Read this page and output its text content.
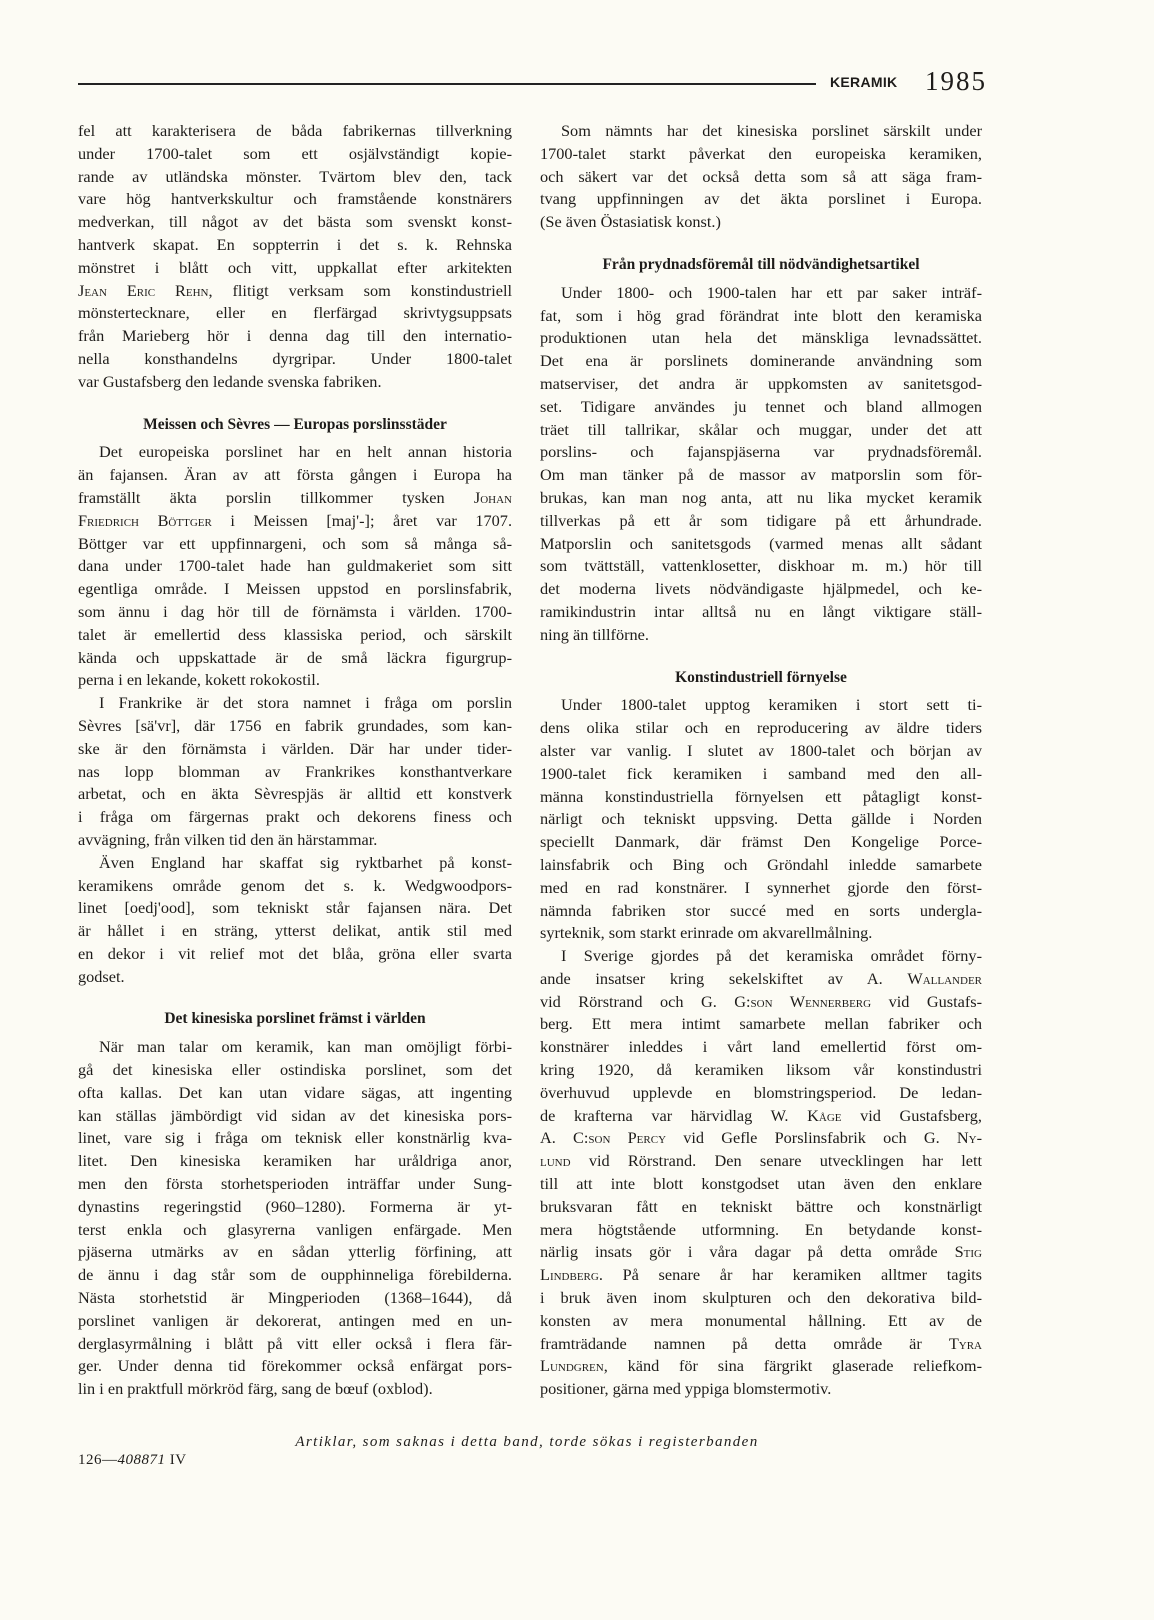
KERAMIK 1985
fel att karakterisera de båda fabrikernas tillverkning
under 1700-talet som ett osjälvständigt kopie-
rande av utländska mönster. Tvärtom blev den, tack
vare hög hantverkskultur och framstående konstnärers
medverkan, till något av det bästa som svenskt konst-
hantverk skapat. En soppterrin i det s. k. Rehnska
mönstret i blått och vitt, uppkallat efter arkitekten
Jean Eric Rehn, flitigt verksam som konstindustriell
mönstertecknare, eller en flerfärgad skrivtygsuppsats
från Marieberg hör i denna dag till den internatio-
nella konsthandelns dyrgripar. Under 1800-talet
var Gustafsberg den ledande svenska fabriken.
Meissen och Sèvres — Europas porslinsstäder
Det europeiska porslinet har en helt annan historia
än fajansen. Äran av att första gången i Europa ha
framställt äkta porslin tillkommer tysken Johan
Friedrich Böttger i Meissen [maj'-]; året var 1707.
Böttger var ett uppfinnargeni, och som så många så-
dana under 1700-talet hade han guldmakeriet som sitt
egentliga område. I Meissen uppstod en porslinsfabrik,
som ännu i dag hör till de förnämsta i världen. 1700-
talet är emellertid dess klassiska period, och särskilt
kända och uppskattade är de små läckra figurgrup-
perna i en lekande, kokett rokokostil.
I Frankrike är det stora namnet i fråga om porslin
Sèvres [sä'vr], där 1756 en fabrik grundades, som kan-
ske är den förnämsta i världen. Där har under tider-
nas lopp blomman av Frankrikes konsthantverkare
arbetat, och en äkta Sèvrespjäs är alltid ett konstverk
i fråga om färgernas prakt och dekorens finess och
avvägning, från vilken tid den än härstammar.
Även England har skaffat sig ryktbarhet på konst-
keramikens område genom det s. k. Wedgwoodpors-
linet [oedj'ood], som tekniskt står fajansen nära. Det
är hållet i en sträng, ytterst delikat, antik stil med
en dekor i vit relief mot det blåa, gröna eller svarta
godset.
Det kinesiska porslinet främst i världen
När man talar om keramik, kan man omöjligt förbi-
gå det kinesiska eller ostindiska porslinet, som det
ofta kallas. Det kan utan vidare sägas, att ingenting
kan ställas jämbördigt vid sidan av det kinesiska pors-
linet, vare sig i fråga om teknisk eller konstnärlig kva-
litet. Den kinesiska keramiken har uråldriga anor,
men den första storhetsperioden inträffar under Sung-
dynastins regeringstid (960–1280). Formerna är yt-
terst enkla och glasyrerna vanligen enfärgade. Men
pjäserna utmärks av en sådan ytterlig förfining, att
de ännu i dag står som de oupphinneliga förebilderna.
Nästa storhetstid är Mingperioden (1368–1644), då
porslinet vanligen är dekorerat, antingen med en un-
derglasyrmålning i blått på vitt eller också i flera fär-
ger. Under denna tid förekommer också enfärgat pors-
lin i en praktfull mörkröd färg, sang de bœuf (oxblod).
Som nämnts har det kinesiska porslinet särskilt under
1700-talet starkt påverkat den europeiska keramiken,
och säkert var det också detta som så att säga fram-
tvang uppfinningen av det äkta porslinet i Europa.
(Se även Östasiatisk konst.)
Från prydnadsföremål till nödvändighetsartikel
Under 1800- och 1900-talen har ett par saker inträf-
fat, som i hög grad förändrat inte blott den keramiska
produktionen utan hela det mänskliga levnadssättet.
Det ena är porslinets dominerande användning som
matserviser, det andra är uppkomsten av sanitetsgod-
set. Tidigare användes ju tennet och bland allmogen
träet till tallrikar, skålar och muggar, under det att
porslins- och fajanspjäserna var prydnadsföremål.
Om man tänker på de massor av matporslin som för-
brukas, kan man nog anta, att nu lika mycket keramik
tillverkas på ett år som tidigare på ett århundrade.
Matporslin och sanitetsgods (varmed menas allt sådant
som tvättställ, vattenklosetter, diskhoar m. m.) hör till
det moderna livets nödvändigaste hjälpmedel, och ke-
ramikindustrin intar alltså nu en långt viktigare ställ-
ning än tillförne.
Konstindustriell förnyelse
Under 1800-talet upptog keramiken i stort sett ti-
dens olika stilar och en reproducering av äldre tiders
alster var vanlig. I slutet av 1800-talet och början av
1900-talet fick keramiken i samband med den all-
männa konstindustriella förnyelsen ett påtagligt konst-
närligt och tekniskt uppsving. Detta gällde i Norden
speciellt Danmark, där främst Den Kongelige Porce-
lainsfabrik och Bing och Gröndahl inledde samarbete
med en rad konstnärer. I synnerhet gjorde den först-
nämnda fabriken stor succé med en sorts undergla-
syrteknik, som starkt erinrade om akvarellmålning.
I Sverige gjordes på det keramiska området förny-
ande insatser kring sekelskiftet av A. Wallander
vid Rörstrand och G. G:son Wennerberg vid Gustafs-
berg. Ett mera intimt samarbete mellan fabriker och
konstnärer inleddes i vårt land emellertid först om-
kring 1920, då keramiken liksom vår konstindustri
överhuvud upplevde en blomstringsperiod. De ledan-
de krafterna var härvidlag W. Kåge vid Gustafsberg,
A. C:son Percy vid Gefle Porslinsfabrik och G. Ny-
lund vid Rörstrand. Den senare utvecklingen har lett
till att inte blott konstgodset utan även den enklare
bruksvaran fått en tekniskt bättre och konstnärligt
mera högtstående utformning. En betydande konst-
närlig insats gör i våra dagar på detta område Stig
Lindberg. På senare år har keramiken alltmer tagits
i bruk även inom skulpturen och den dekorativa bild-
konsten av mera monumental hållning. Ett av de
framträdande namnen på detta område är Tyra
Lundgren, känd för sina färgrikt glaserade reliefkom-
positioner, gärna med yppiga blomstermotiv.
Artiklar, som saknas i detta band, torde sökas i registerbanden
126—408871 IV
